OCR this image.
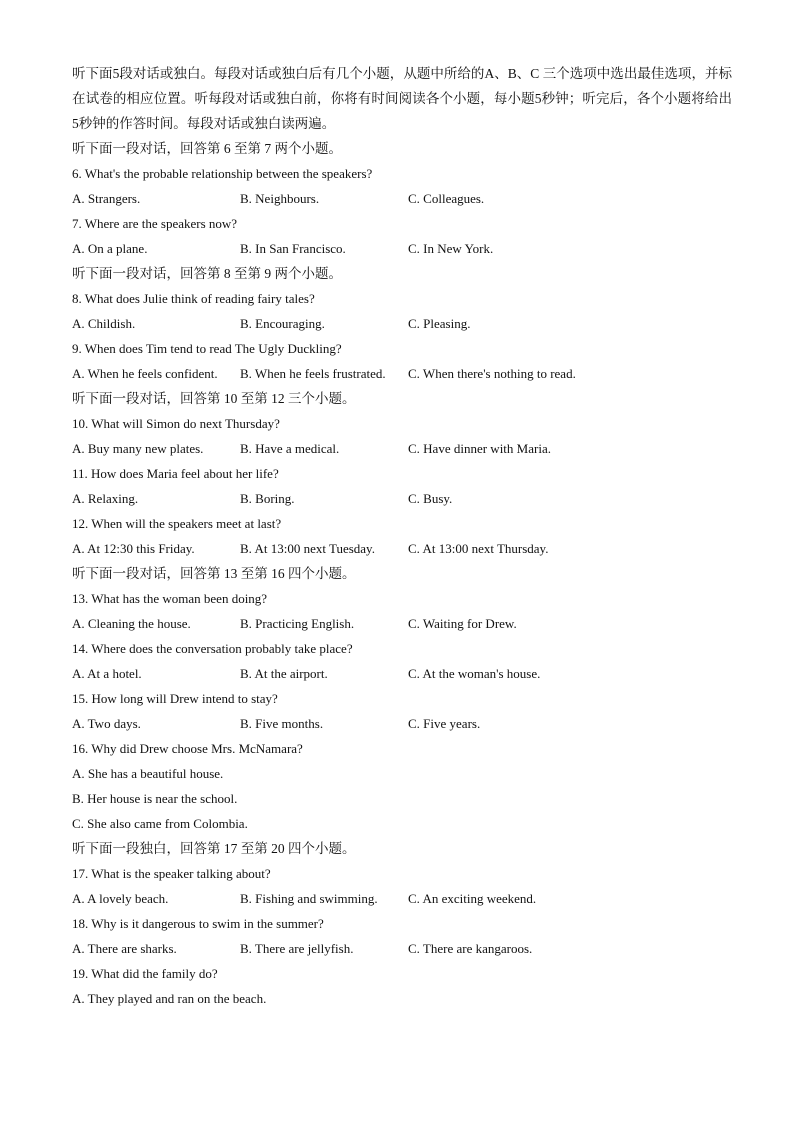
听下面5段对话或独白。每段对话或独白后有几个小题，从题中所给的A、B、C 三个选项中选出最佳选项，并标在试卷的相应位置。听每段对话或独白前，你将有时间阅读各个小题，每小题5秒钟；听完后，各个小题将给出5秒钟的作答时间。每段对话或独白读两遍。

听下面一段对话，回答第 6 至第 7 两个小题。
6. What's the probable relationship between the speakers?
A. Strangers.	B. Neighbours.	C. Colleagues.
7. Where are the speakers now?
A. On a plane.	B. In San Francisco.	C. In New York.
听下面一段对话，回答第 8 至第 9 两个小题。
8. What does Julie think of reading fairy tales?
A. Childish.	B. Encouraging.	C. Pleasing.
9. When does Tim tend to read The Ugly Duckling?
A. When he feels confident. B. When he feels frustrated. C. When there's nothing to read.
听下面一段对话，回答第 10 至第 12 三个小题。
10. What will Simon do next Thursday?
A. Buy many new plates.	B. Have a medical.	C. Have dinner with Maria.
11. How does Maria feel about her life?
A. Relaxing.	B. Boring.	C. Busy.
12. When will the speakers meet at last?
A. At 12:30 this Friday.	B. At 13:00 next Tuesday.	C. At 13:00 next Thursday.
听下面一段对话，回答第 13 至第 16 四个小题。
13. What has the woman been doing?
A. Cleaning the house.	B. Practicing English.	C. Waiting for Drew.
14. Where does the conversation probably take place?
A. At a hotel.	B. At the airport.	C. At the woman's house.
15. How long will Drew intend to stay?
A. Two days.	B. Five months.	C. Five years.
16. Why did Drew choose Mrs. McNamara?
A. She has a beautiful house.
B. Her house is near the school.
C. She also came from Colombia.
听下面一段独白，回答第 17 至第 20 四个小题。
17. What is the speaker talking about?
A. A lovely beach.	B. Fishing and swimming. C. An exciting weekend.
18. Why is it dangerous to swim in the summer?
A. There are sharks.	B. There are jellyfish.	C. There are kangaroos.
19. What did the family do?
A. They played and ran on the beach.
